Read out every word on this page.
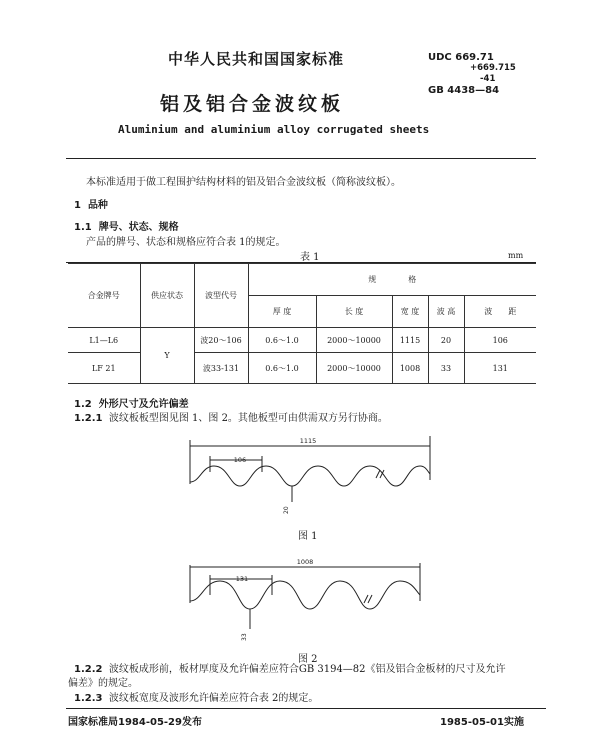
中华人民共和国国家标准	UDC 669.71
+669.715
-41
GB 4438—84
铝及铝合金波纹板
Aluminium and aluminium alloy corrugated sheets
本标准适用于做工程围护结构材料的铝及铝合金波纹板（简称波纹板）。
1 品种
1.1 牌号、状态、规格
产品的牌号、状态和规格应符合表 1的规定。
表 1	mm
合金牌号	供应状态	波型代号	规　　　　格				
			厚 度	长 度	宽 度	波 高	波　　距
L1—L6	Y	波20～106	0.6～1.0	2000～10000	1115	20	106
LF 21		波33-131	0.6～1.0	2000～10000	1008	33	131
1.2 外形尺寸及允许偏差
1.2.1 波纹板板型图见图 1、图 2。其他板型可由供需双方另行协商。
1115
106
20
图 1
1008
131
33
图 2
1.2.2 波纹板成形前，板材厚度及允许偏差应符合GB 3194—82《铝及铝合金板材的尺寸及允许
偏差》的规定。
1.2.3 波纹板宽度及波形允许偏差应符合表 2的规定。
国家标准局1984-05-29发布	1985-05-01实施
